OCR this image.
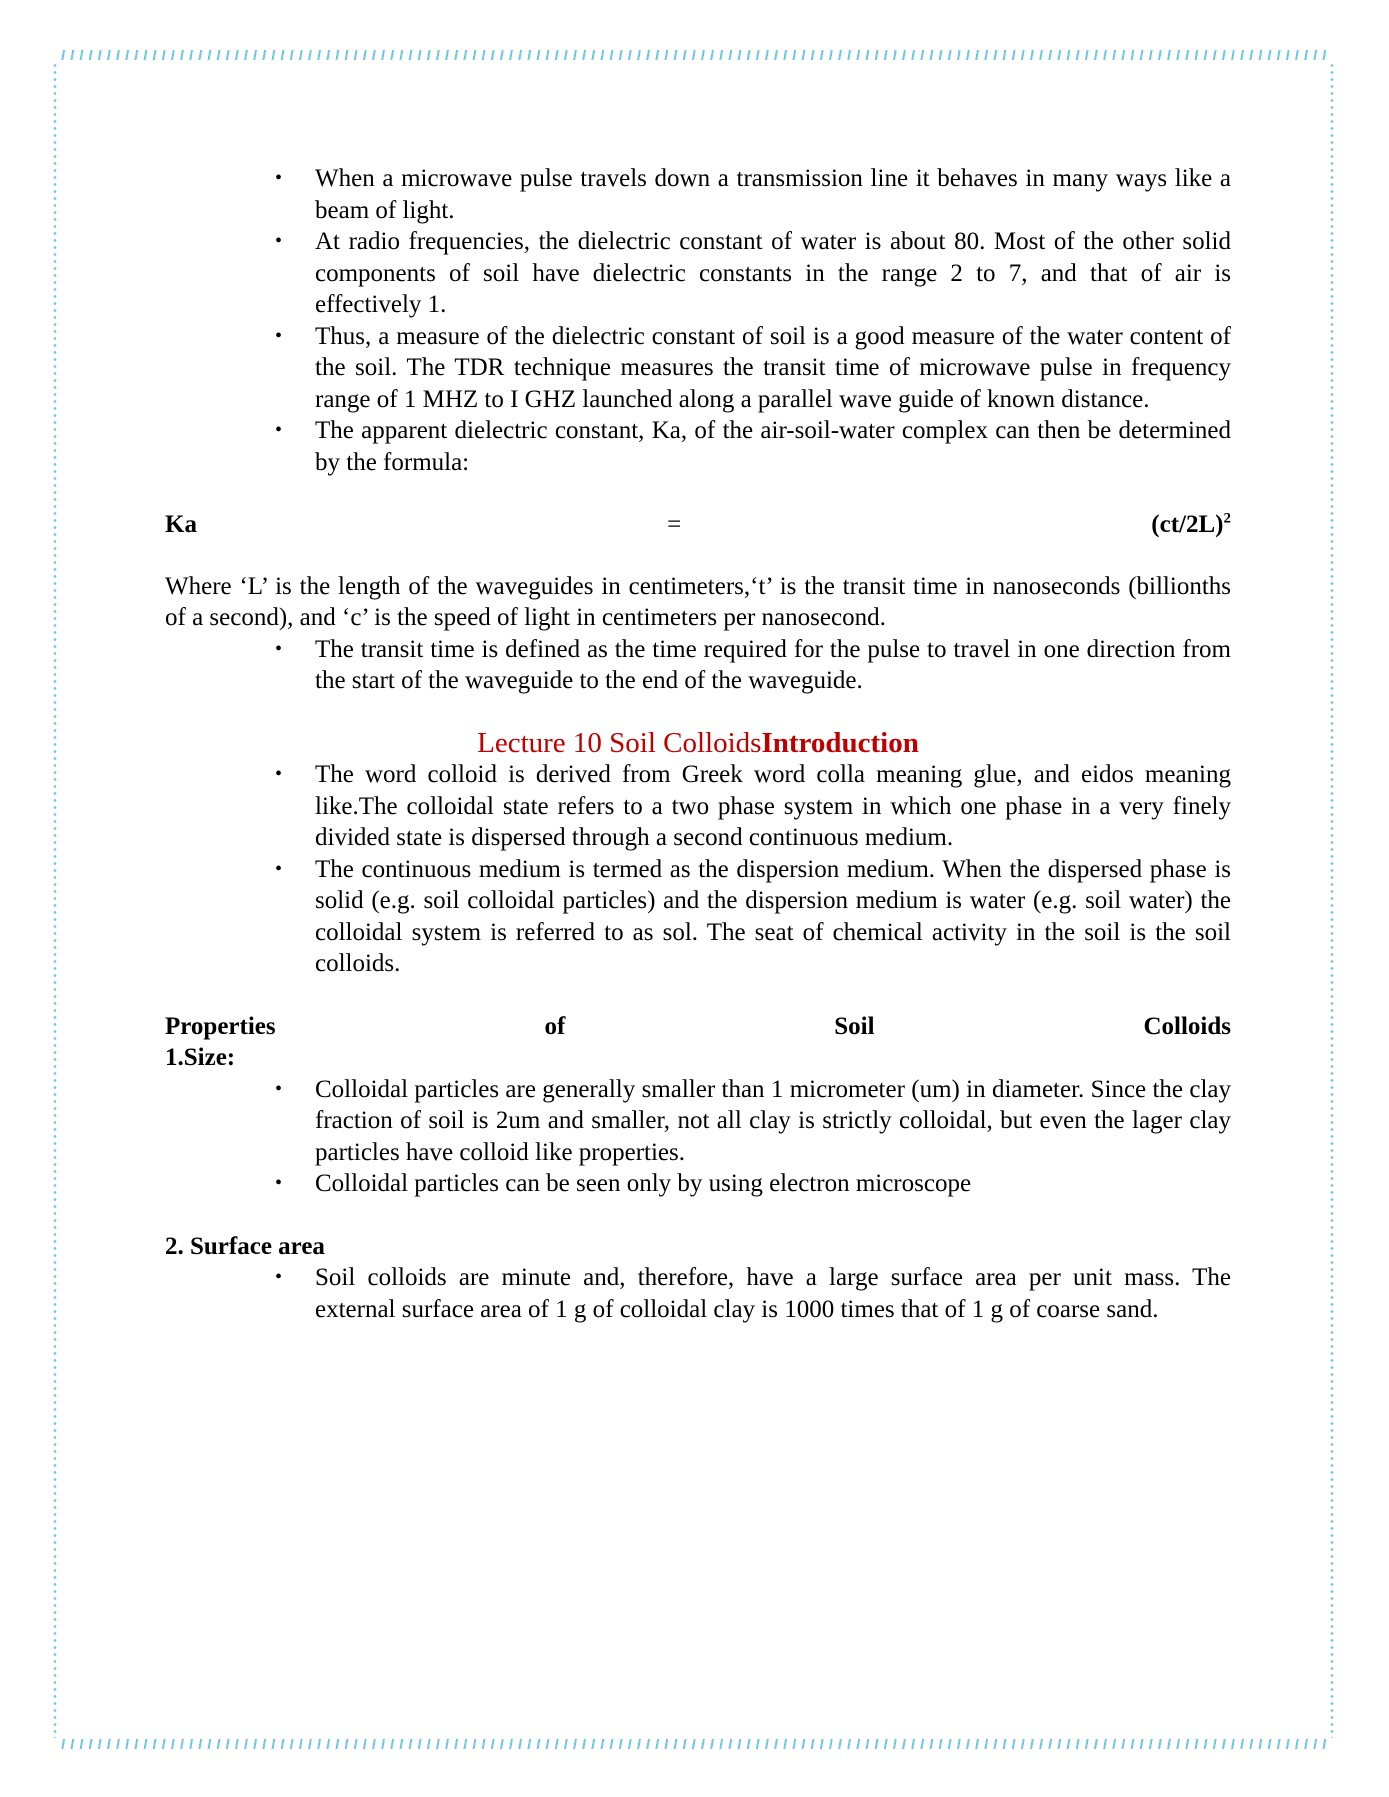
• When a microwave pulse travels down a transmission line it behaves in many ways like a beam of light.
• At radio frequencies, the dielectric constant of water is about 80. Most of the other solid components of soil have dielectric constants in the range 2 to 7, and that of air is effectively 1.
• Thus, a measure of the dielectric constant of soil is a good measure of the water content of the soil. The TDR technique measures the transit time of microwave pulse in frequency range of 1 MHZ to I GHZ launched along a parallel wave guide of known distance.
• The apparent dielectric constant, Ka, of the air-soil-water complex can then be determined by the formula:
Ka	=	$(ct/2L)^2$
Where ‘L’ is the length of the waveguides in centimeters,‘t’ is the transit time in nanoseconds (billionths of a second), and ‘c’ is the speed of light in centimeters per nanosecond.
• The transit time is defined as the time required for the pulse to travel in one direction from the start of the waveguide to the end of the waveguide.
Lecture 10 Soil ColloidsIntroduction
• The word colloid is derived from Greek word colla meaning glue, and eidos meaning like.The colloidal state refers to a two phase system in which one phase in a very finely divided state is dispersed through a second continuous medium.
• The continuous medium is termed as the dispersion medium. When the dispersed phase is solid (e.g. soil colloidal particles) and the dispersion medium is water (e.g. soil water) the colloidal system is referred to as sol. The seat of chemical activity in the soil is the soil colloids.
Properties	of	Soil	Colloids
1.Size:
• Colloidal particles are generally smaller than 1 micrometer (um) in diameter. Since the clay fraction of soil is 2um and smaller, not all clay is strictly colloidal, but even the lager clay particles have colloid like properties.
• Colloidal particles can be seen only by using electron microscope
2. Surface area
• Soil colloids are minute and, therefore, have a large surface area per unit mass. The external surface area of 1 g of colloidal clay is 1000 times that of 1 g of coarse sand.
